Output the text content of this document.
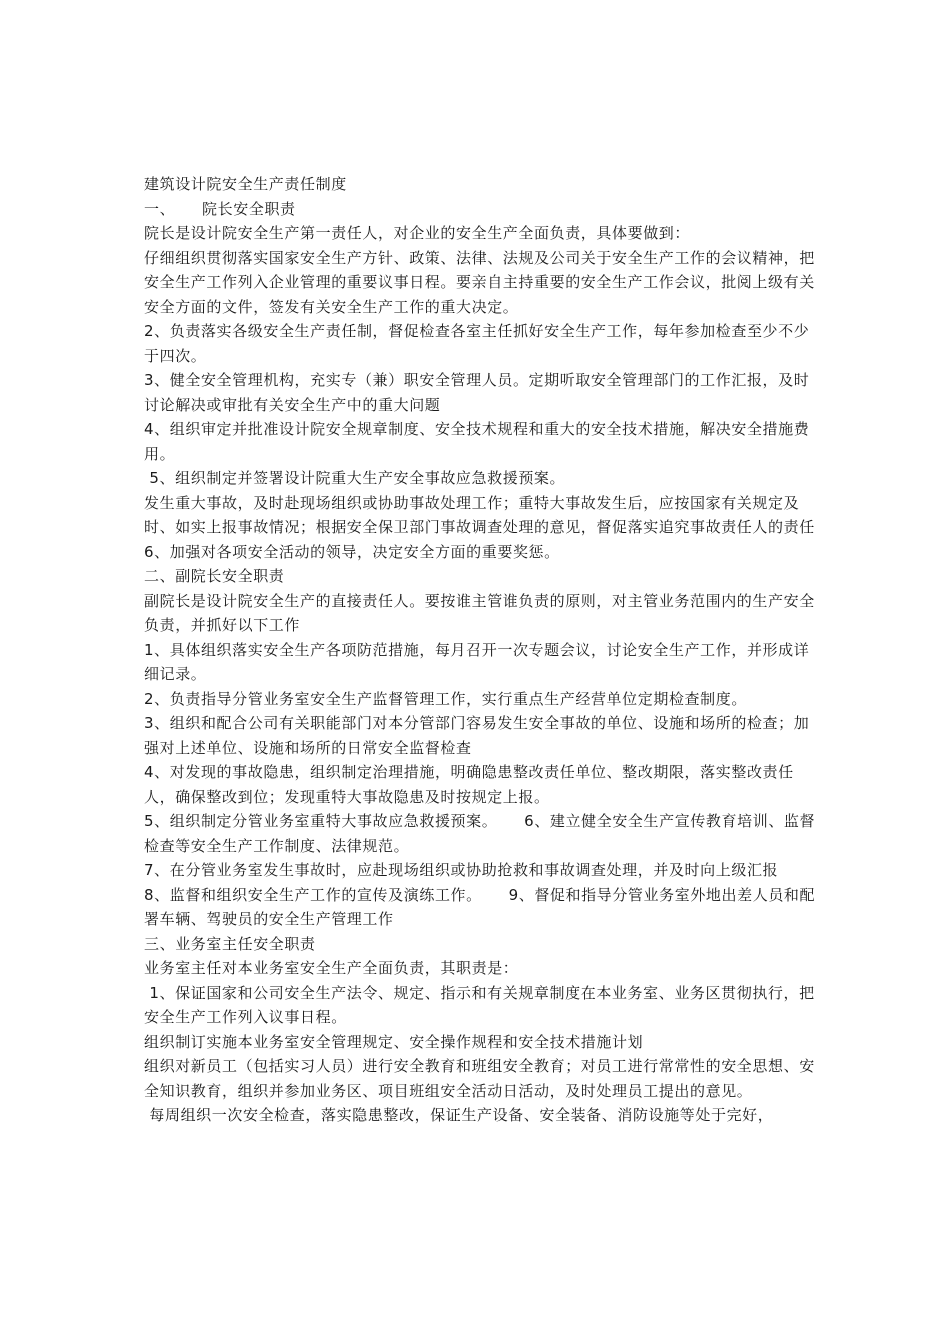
建筑设计院安全生产责任制度

一、     院长安全职责

院长是设计院安全生产第一责任人，对企业的安全生产全面负责，具体要做到：

仔细组织贯彻落实国家安全生产方针、政策、法律、法规及公司关于安全生产工作的会议精神，把安全生产工作列入企业管理的重要议事日程。要亲自主持重要的安全生产工作会议，批阅上级有关安全方面的文件，签发有关安全生产工作的重大决定。

2、负责落实各级安全生产责任制，督促检查各室主任抓好安全生产工作，每年参加检查至少不少于四次。

3、健全安全管理机构，充实专（兼）职安全管理人员。定期听取安全管理部门的工作汇报，及时讨论解决或审批有关安全生产中的重大问题

4、组织审定并批准设计院安全规章制度、安全技术规程和重大的安全技术措施，解决安全措施费用。

5、组织制定并签署设计院重大生产安全事故应急救援预案。

发生重大事故，及时赴现场组织或协助事故处理工作；重特大事故发生后，应按国家有关规定及时、如实上报事故情况；根据安全保卫部门事故调查处理的意见，督促落实追究事故责任人的责任

6、加强对各项安全活动的领导，决定安全方面的重要奖惩。

二、副院长安全职责

副院长是设计院安全生产的直接责任人。要按谁主管谁负责的原则，对主管业务范围内的生产安全负责，并抓好以下工作

1、具体组织落实安全生产各项防范措施，每月召开一次专题会议，讨论安全生产工作，并形成详细记录。

2、负责指导分管业务室安全生产监督管理工作，实行重点生产经营单位定期检查制度。

3、组织和配合公司有关职能部门对本分管部门容易发生安全事故的单位、设施和场所的检查；加强对上述单位、设施和场所的日常安全监督检查

4、对发现的事故隐患，组织制定治理措施，明确隐患整改责任单位、整改期限，落实整改责任人，确保整改到位；发现重特大事故隐患及时按规定上报。

5、组织制定分管业务室重特大事故应急救援预案。     6、建立健全安全生产宣传教育培训、监督检查等安全生产工作制度、法律规范。

7、在分管业务室发生事故时，应赴现场组织或协助抢救和事故调查处理，并及时向上级汇报

8、监督和组织安全生产工作的宣传及演练工作。     9、督促和指导分管业务室外地出差人员和配署车辆、驾驶员的安全生产管理工作

三、业务室主任安全职责

业务室主任对本业务室安全生产全面负责，其职责是：

1、保证国家和公司安全生产法令、规定、指示和有关规章制度在本业务室、业务区贯彻执行，把安全生产工作列入议事日程。

组织制订实施本业务室安全管理规定、安全操作规程和安全技术措施计划

组织对新员工（包括实习人员）进行安全教育和班组安全教育；对员工进行常常性的安全思想、安全知识教育，组织并参加业务区、项目班组安全活动日活动，及时处理员工提出的意见。

每周组织一次安全检查，落实隐患整改，保证生产设备、安全装备、消防设施等处于完好，
